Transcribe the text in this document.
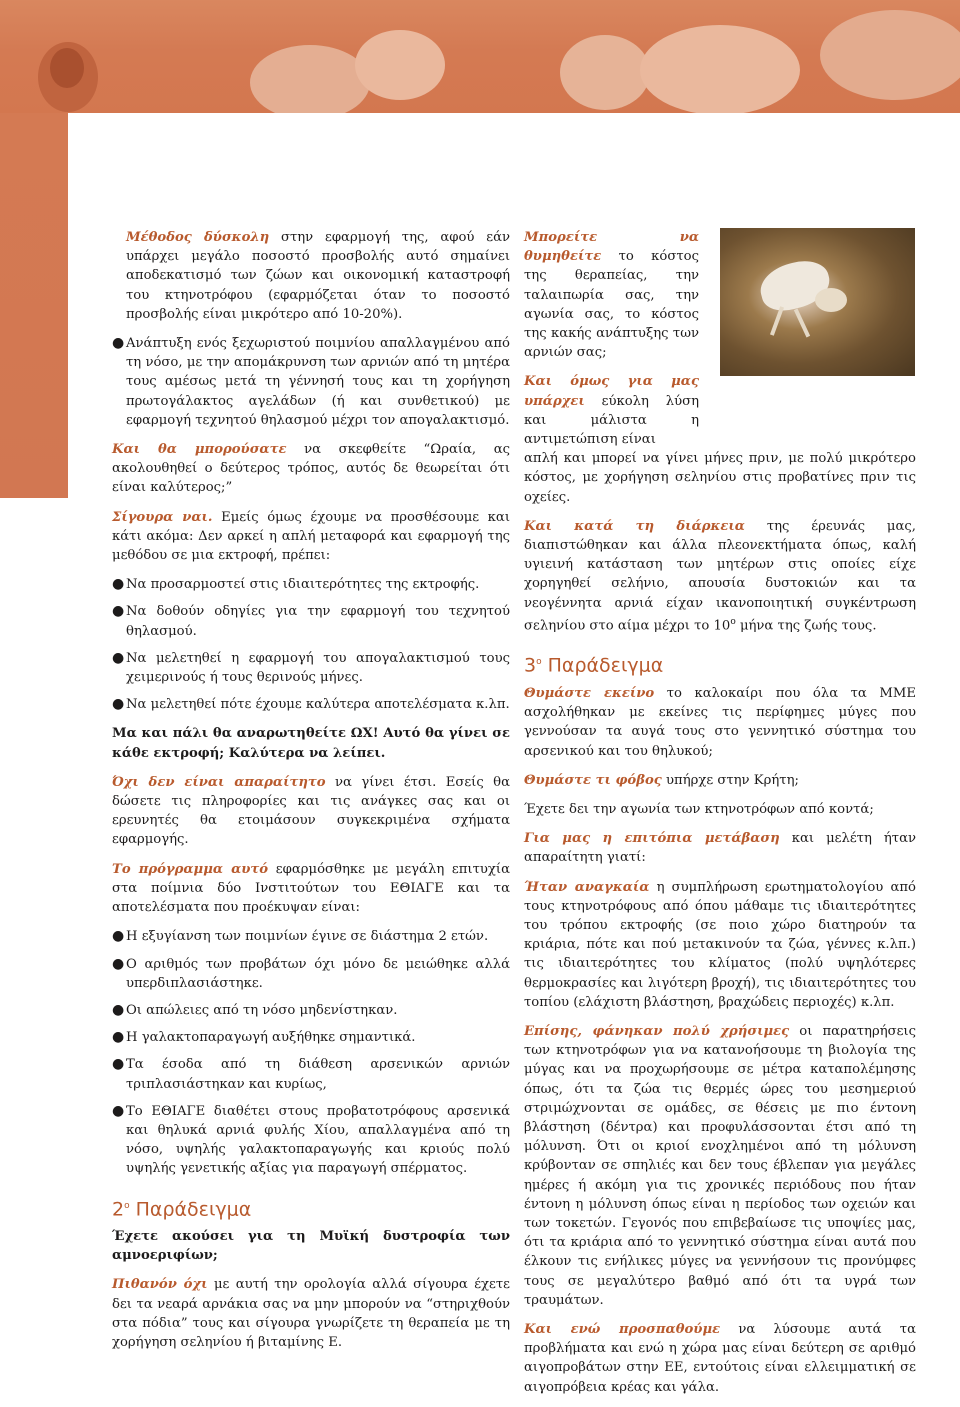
Μέθοδος δύσκολη στην εφαρμογή της, αφού εάν υπάρχει μεγάλο ποσοστό προσβολής αυτό σημαίνει αποδεκατισμό των ζώων και οικονομική καταστροφή του κτηνοτρόφου (εφαρμόζεται όταν το ποσοστό προσβολής είναι μικρότερο από 10-20%).

● Ανάπτυξη ενός ξεχωριστού ποιμνίου απαλλαγμένου από τη νόσο, με την απομάκρυνση των αρνιών από τη μητέρα τους αμέσως μετά τη γέννησή τους και τη χορήγηση πρωτογάλακτος αγελάδων (ή και συνθετικού) με εφαρμογή τεχνητού θηλασμού μέχρι τον απογαλακτισμό.

Και θα μπορούσατε να σκεφθείτε “Ωραία, ας ακολουθηθεί ο δεύτερος τρόπος, αυτός δε θεωρείται ότι είναι καλύτερος;”

Σίγουρα ναι. Εμείς όμως έχουμε να προσθέσουμε και κάτι ακόμα: Δεν αρκεί η απλή μεταφορά και εφαρμογή της μεθόδου σε μια εκτροφή, πρέπει:

● Να προσαρμοστεί στις ιδιαιτερότητες της εκτροφής.
● Να δοθούν οδηγίες για την εφαρμογή του τεχνητού θηλασμού.
● Να μελετηθεί η εφαρμογή του απογαλακτισμού τους χειμερινούς ή τους θερινούς μήνες.
● Να μελετηθεί πότε έχουμε καλύτερα αποτελέσματα κ.λπ.

Μα και πάλι θα αναρωτηθείτε ΩΧ! Αυτό θα γίνει σε κάθε εκτροφή; Καλύτερα να λείπει.

Όχι δεν είναι απαραίτητο να γίνει έτσι. Εσείς θα δώσετε τις πληροφορίες και τις ανάγκες σας και οι ερευνητές θα ετοιμάσουν συγκεκριμένα σχήματα εφαρμογής.

Το πρόγραμμα αυτό εφαρμόσθηκε με μεγάλη επιτυχία στα ποίμνια δύο Ινστιτούτων του ΕΘΙΑΓΕ και τα αποτελέσματα που προέκυψαν είναι:

● Η εξυγίανση των ποιμνίων έγινε σε διάστημα 2 ετών.
● Ο αριθμός των προβάτων όχι μόνο δε μειώθηκε αλλά υπερδιπλασιάστηκε.
● Οι απώλειες από τη νόσο μηδενίστηκαν.
● Η γαλακτοπαραγωγή αυξήθηκε σημαντικά.
● Τα έσοδα από τη διάθεση αρσενικών αρνιών τριπλασιάστηκαν και κυρίως,
● Το ΕΘΙΑΓΕ διαθέτει στους προβατοτρόφους αρσενικά και θηλυκά αρνιά φυλής Χίου, απαλλαγμένα από τη νόσο, υψηλής γαλακτοπαραγωγής και κριούς πολύ υψηλής γενετικής αξίας για παραγωγή σπέρματος.
$2^o$ Παράδειγμα

Έχετε ακούσει για τη Μυϊκή δυστροφία των αμνοεριφίων;

Πιθανόν όχι με αυτή την ορολογία αλλά σίγουρα έχετε δει τα νεαρά αρνάκια σας να μην μπορούν να “στηριχθούν στα πόδια” τους και σίγουρα γνωρίζετε τη θεραπεία με τη χορήγηση σεληνίου ή βιταμίνης Ε.

Μπορείτε να θυμηθείτε το κόστος της θεραπείας, την ταλαιπωρία σας, την αγωνία σας, το κόστος της κακής ανάπτυξης των αρνιών σας;

Και όμως για μας υπάρχει εύκολη λύση και μάλιστα η αντιμετώπιση είναι
απλή και μπορεί να γίνει μήνες πριν, με πολύ μικρότερο κόστος, με χορήγηση σεληνίου στις προβατίνες πριν τις οχείες.

Και κατά τη διάρκεια της έρευνάς μας, διαπιστώθηκαν και άλλα πλεονεκτήματα όπως, καλή υγιεινή κατάσταση των μητέρων στις οποίες είχε χορηγηθεί σελήνιο, απουσία δυστοκιών και τα νεογέννητα αρνιά είχαν ικανοποιητική συγκέντρωση σεληνίου στο αίμα μέχρι το $10^o$ μήνα της ζωής τους.

$3^o$ Παράδειγμα

Θυμάστε εκείνο το καλοκαίρι που όλα τα ΜΜΕ ασχολήθηκαν με εκείνες τις περίφημες μύγες που γεννούσαν τα αυγά τους στο γεννητικό σύστημα του αρσενικού και του θηλυκού;

Θυμάστε τι φόβος υπήρχε στην Κρήτη;

Έχετε δει την αγωνία των κτηνοτρόφων από κοντά;

Για μας η επιτόπια μετάβαση και μελέτη ήταν απαραίτητη γιατί:

Ήταν αναγκαία η συμπλήρωση ερωτηματολογίου από τους κτηνοτρόφους από όπου μάθαμε τις ιδιαιτερότητες του τρόπου εκτροφής (σε ποιο χώρο διατηρούν τα κριάρια, πότε και πού μετακινούν τα ζώα, γέννες κ.λπ.) τις ιδιαιτερότητες του κλίματος (πολύ υψηλότερες θερμοκρασίες και λιγότερη βροχή), τις ιδιαιτερότητες του τοπίου (ελάχιστη βλάστηση, βραχώδεις περιοχές) κ.λπ.

Επίσης, φάνηκαν πολύ χρήσιμες οι παρατηρήσεις των κτηνοτρόφων για να κατανοήσουμε τη βιολογία της μύγας και να προχωρήσουμε σε μέτρα καταπολέμησης όπως, ότι τα ζώα τις θερμές ώρες του μεσημεριού στριμώχνονται σε ομάδες, σε θέσεις με πιο έντονη βλάστηση (δέντρα) και προφυλάσσονται έτσι από τη μόλυνση. Ότι οι κριοί ενοχλημένοι από τη μόλυνση κρύβονταν σε σπηλιές και δεν τους έβλεπαν για μεγάλες ημέρες ή ακόμη για τις χρονικές περιόδους που ήταν έντονη η μόλυνση όπως είναι η περίοδος των οχειών και των τοκετών. Γεγονός που επιβεβαίωσε τις υποψίες μας, ότι τα κριάρια από το γεννητικό σύστημα είναι αυτά που έλκουν τις ενήλικες μύγες να γεννήσουν τις προνύμφες τους σε μεγαλύτερο βαθμό από ότι τα υγρά των τραυμάτων.

Και ενώ προσπαθούμε να λύσουμε αυτά τα προβλήματα και ενώ η χώρα μας είναι δεύτερη σε αριθμό αιγοπροβάτων στην ΕΕ, εντούτοις είναι ελλειμματική σε αιγοπρόβεια κρέας και γάλα.
